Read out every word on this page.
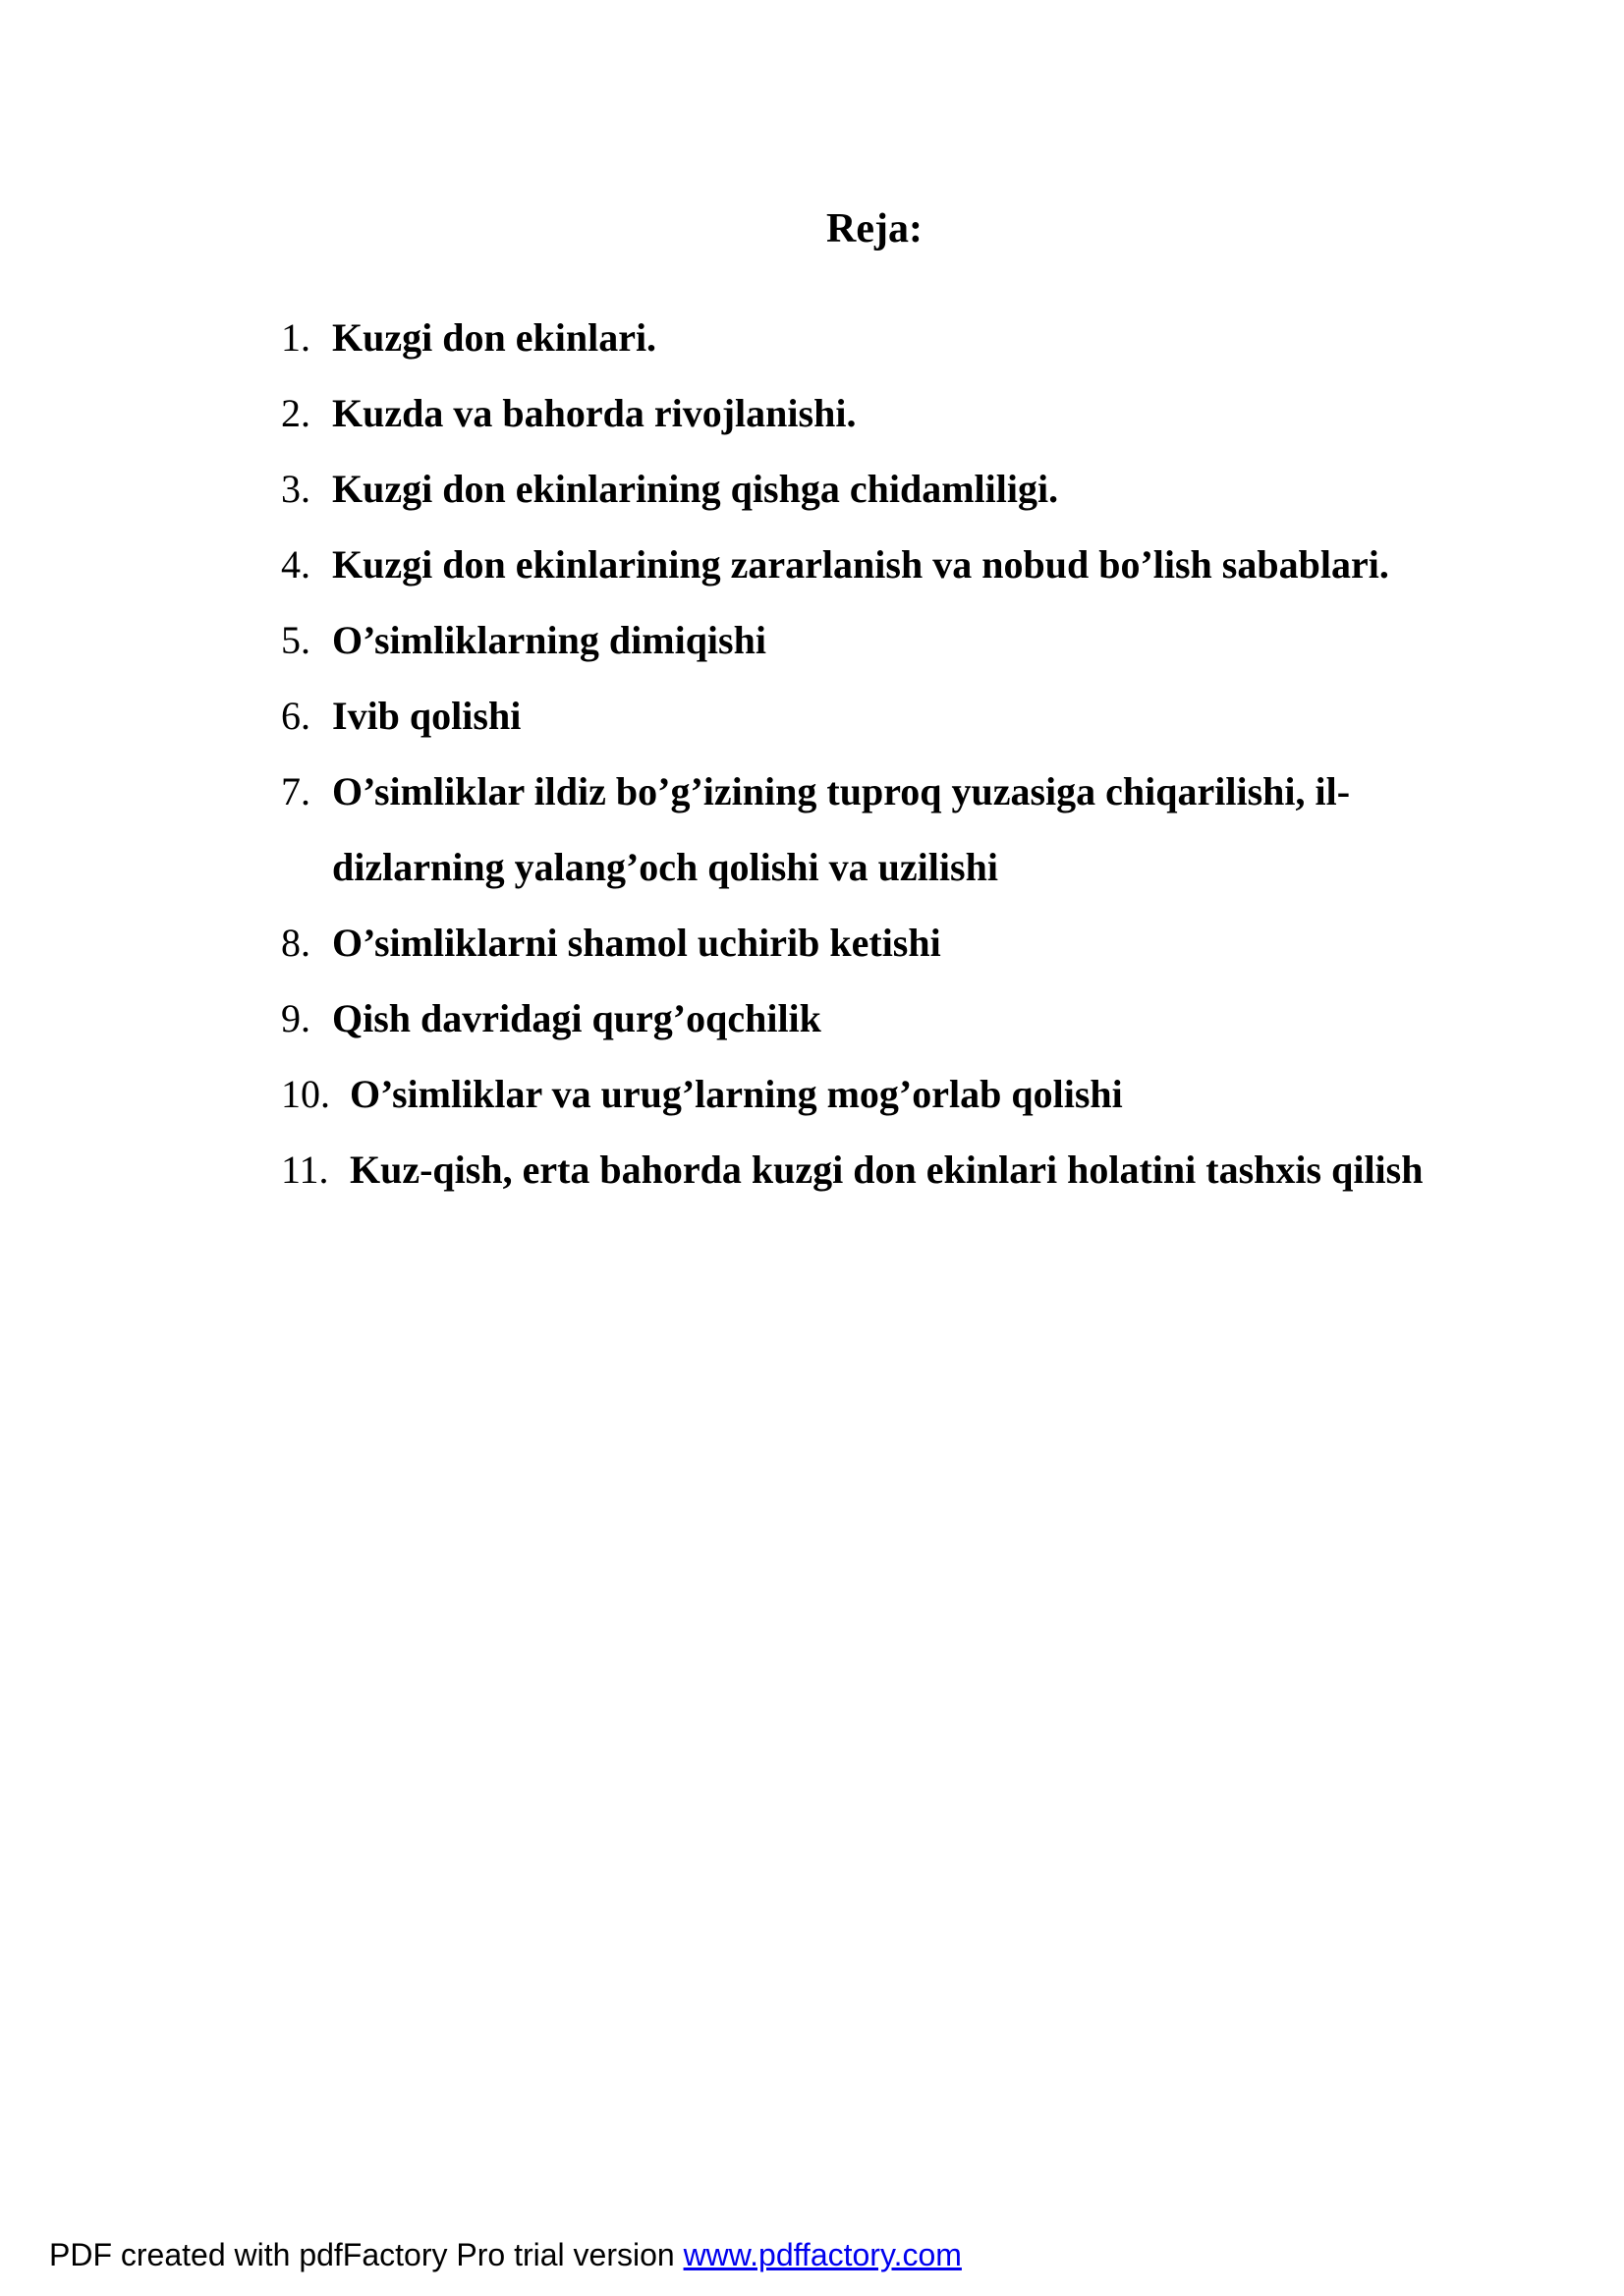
Reja:
1. Kuzgi don ekinlari.
2. Kuzda va bahorda rivojlanishi.
3. Kuzgi don ekinlarining qishga chidamliligi.
4. Kuzgi don ekinlarining zararlanish va nobud bo’lish sabablari.
5. O’simliklarning dimiqishi
6. Ivib qolishi
7. O’simliklar ildiz bo’g’izining tuproq yuzasiga chiqarilishi, il-dizlarning yalang’och qolishi va uzilishi
8. O’simliklarni shamol uchirib ketishi
9. Qish davridagi qurg’oqchilik
10. O’simliklar va urug’larning mog’orlab qolishi
11. Kuz-qish, erta bahorda kuzgi don ekinlari holatini tashxis qilish
PDF created with pdfFactory Pro trial version www.pdffactory.com
